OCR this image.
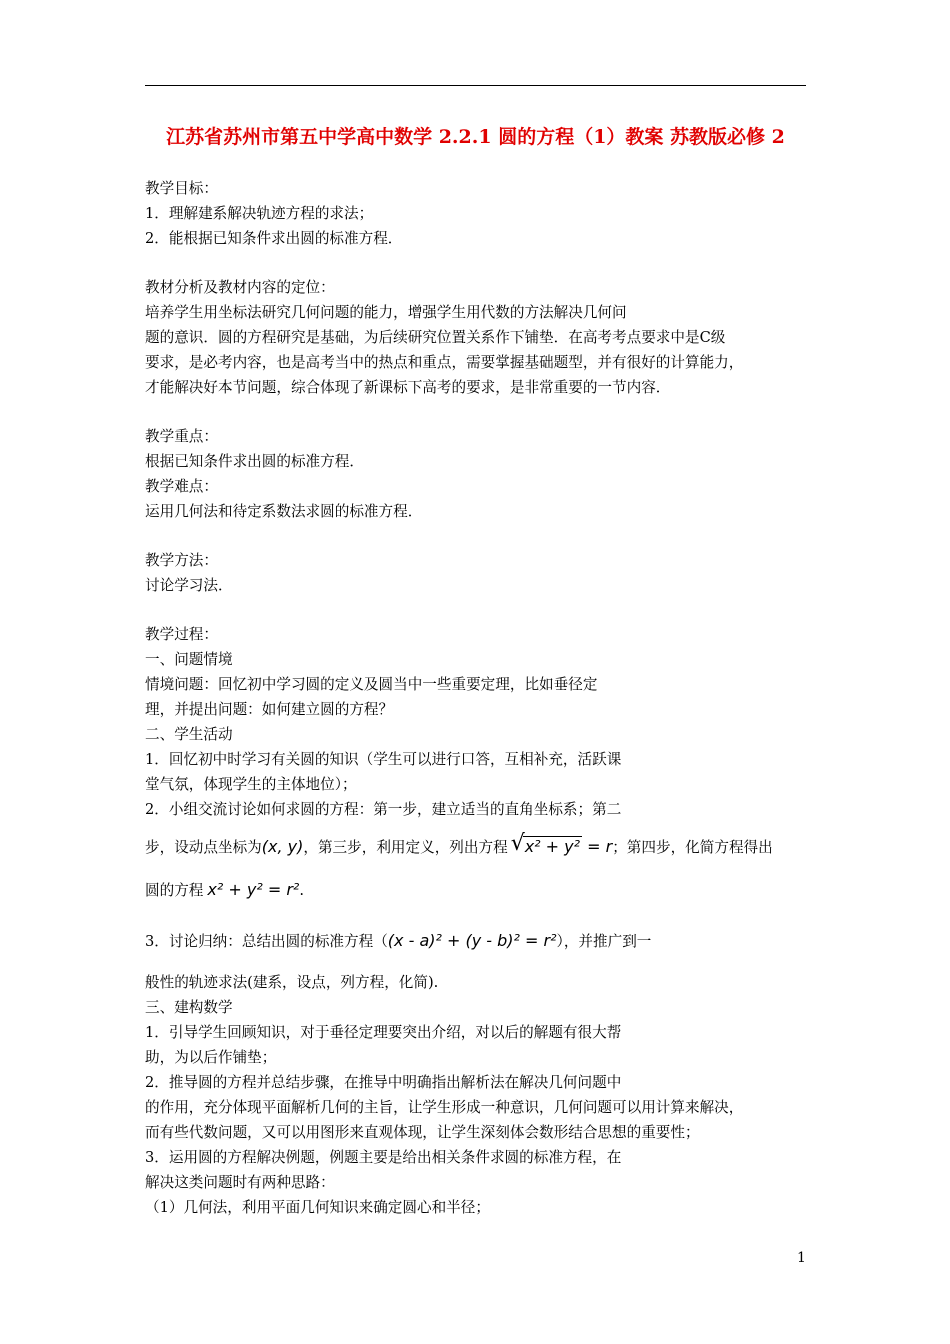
江苏省苏州市第五中学高中数学 2.2.1 圆的方程（1）教案 苏教版必修 2
教学目标：
1．理解建系解决轨迹方程的求法；
2．能根据已知条件求出圆的标准方程．
教材分析及教材内容的定位：
培养学生用坐标法研究几何问题的能力，增强学生用代数的方法解决几何问
题的意识．圆的方程研究是基础，为后续研究位置关系作下铺垫．在高考考点要求中是C级
要求，是必考内容，也是高考当中的热点和重点，需要掌握基础题型，并有很好的计算能力，
才能解决好本节问题，综合体现了新课标下高考的要求，是非常重要的一节内容．
教学重点：
根据已知条件求出圆的标准方程．
教学难点：
运用几何法和待定系数法求圆的标准方程．
教学方法：
讨论学习法．
教学过程：
一、问题情境
情境问题：回忆初中学习圆的定义及圆当中一些重要定理，比如垂径定
理，并提出问题：如何建立圆的方程？
二、学生活动
1．回忆初中时学习有关圆的知识（学生可以进行口答，互相补充，活跃课
堂气氛，体现学生的主体地位）；
2．小组交流讨论如何求圆的方程：第一步，建立适当的直角坐标系；第二
步，设动点坐标为(x, y)，第三步，利用定义，列出方程 √ x² + y² = r；第四步，化简方程得出
圆的方程 x² + y² = r².
3．讨论归纳：总结出圆的标准方程（(x - a)² + (y - b)² = r²），并推广到一
般性的轨迹求法(建系，设点，列方程，化简).
三、建构数学
1．引导学生回顾知识，对于垂径定理要突出介绍，对以后的解题有很大帮
助，为以后作铺垫；
2．推导圆的方程并总结步骤，在推导中明确指出解析法在解决几何问题中
的作用，充分体现平面解析几何的主旨，让学生形成一种意识，几何问题可以用计算来解决，
而有些代数问题，又可以用图形来直观体现，让学生深刻体会数形结合思想的重要性；
3．运用圆的方程解决例题，例题主要是给出相关条件求圆的标准方程，在
解决这类问题时有两种思路：
（1）几何法，利用平面几何知识来确定圆心和半径；
1
